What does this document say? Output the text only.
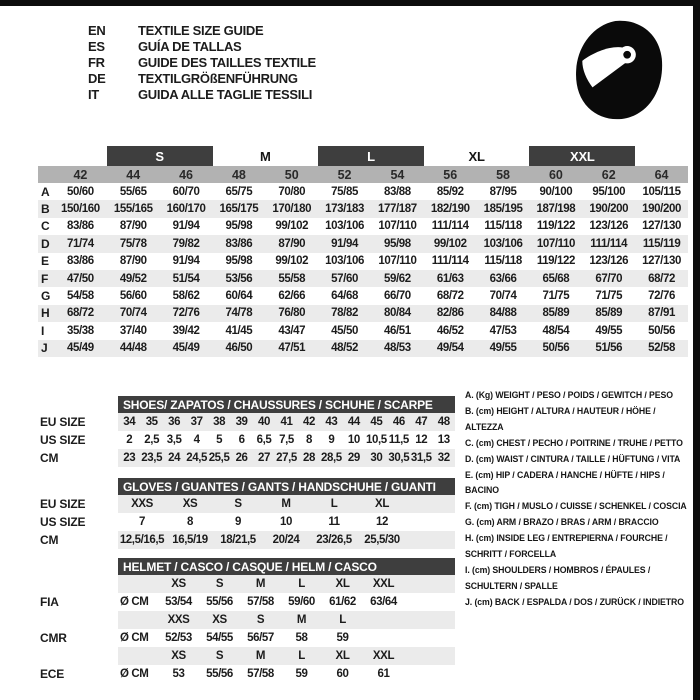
EN	TEXTILE SIZE GUIDE
ES	GUÍA DE TALLAS
FR	GUIDE DES TAILLES TEXTILE
DE	TEXTILGRÖßENFÜHRUNG
IT	GUIDA ALLE TAGLIE TESSILI
S	M	L	XL	XXL
42	44	46	48	50	52	54	56	58	60	62	64
A	50/60	55/65	60/70	65/75	70/80	75/85	83/88	85/92	87/95	90/100	95/100	105/115
B 150/160	155/165	160/170	165/175	170/180	173/183	177/187	182/190	185/195	187/198	190/200	190/200
C	83/86	87/90	91/94	95/98	99/102	103/106	107/110	111/114	115/118	119/122	123/126	127/130
D	71/74	75/78	79/82	83/86	87/90	91/94	95/98	99/102	103/106	107/110	111/114	115/119
E	83/86	87/90	91/94	95/98	99/102	103/106	107/110	111/114	115/118	119/122	123/126	127/130
F	47/50	49/52	51/54	53/56	55/58	57/60	59/62	61/63	63/66	65/68	67/70	68/72
G	54/58	56/60	58/62	60/64	62/66	64/68	66/70	68/72	70/74	71/75	71/75	72/76
H	68/72	70/74	72/76	74/78	76/80	78/82	80/84	82/86	84/88	85/89	85/89	87/91
I	35/38	37/40	39/42	41/45	43/47	45/50	46/51	46/52	47/53	48/54	49/55	50/56
J	45/49	44/48	45/49	46/50	47/51	48/52	48/53	49/54	49/55	50/56	51/56	52/58
SHOES/ ZAPATOS / CHAUSSURES / SCHUHE / SCARPE
EU SIZE	34 35 36 37 38 39 40 41 42 43 44 45 46 47 48
US SIZE	2	2,5 3,5	4	5	6	6,5 7,5	8	9	10 10,5 11,5 12 13
CM	23 23,5 24 24,5 25,5 26 27 27,5 28 28,5 29 30 30,5 31,5 32
GLOVES / GUANTES / GANTS / HANDSCHUHE / GUANTI
EU SIZE	XXS	XS	S	M	L	XL
US SIZE	7	8	9	10	11	12
CM	12,5/16,5 16,5/19	18/21,5	20/24	23/26,5	25,5/30
HELMET / CASCO / CASQUE / HELM / CASCO
XS	S	M	L	XL	XXL
FIA	Ø CM	53/54	55/56	57/58	59/60	61/62	63/64
XXS	XS	S	M	L
CMR	Ø CM	52/53	54/55	56/57	58	59
XS	S	M	L	XL	XXL
ECE	Ø CM	53	55/56	57/58	59	60	61
A. (Kg) WEIGHT / PESO / POIDS / GEWITCH / PESO
B. (cm) HEIGHT / ALTURA / HAUTEUR / HÖHE / ALTEZZA
C. (cm) CHEST / PECHO / POITRINE / TRUHE / PETTO
D. (cm) WAIST / CINTURA / TAILLE / HÜFTUNG / VITA
E. (cm) HIP / CADERA / HANCHE / HÜFTE / HIPS / BACINO
F. (cm) TIGH / MUSLO / CUISSE / SCHENKEL / COSCIA
G. (cm) ARM / BRAZO / BRAS / ARM / BRACCIO
H. (cm) INSIDE LEG / ENTREPIERNA / FOURCHE / SCHRITT / FORCELLA
I. (cm) SHOULDERS / HOMBROS / ÉPAULES / SCHULTERN / SPALLE
J. (cm) BACK / ESPALDA / DOS / ZURÜCK / INDIETRO
